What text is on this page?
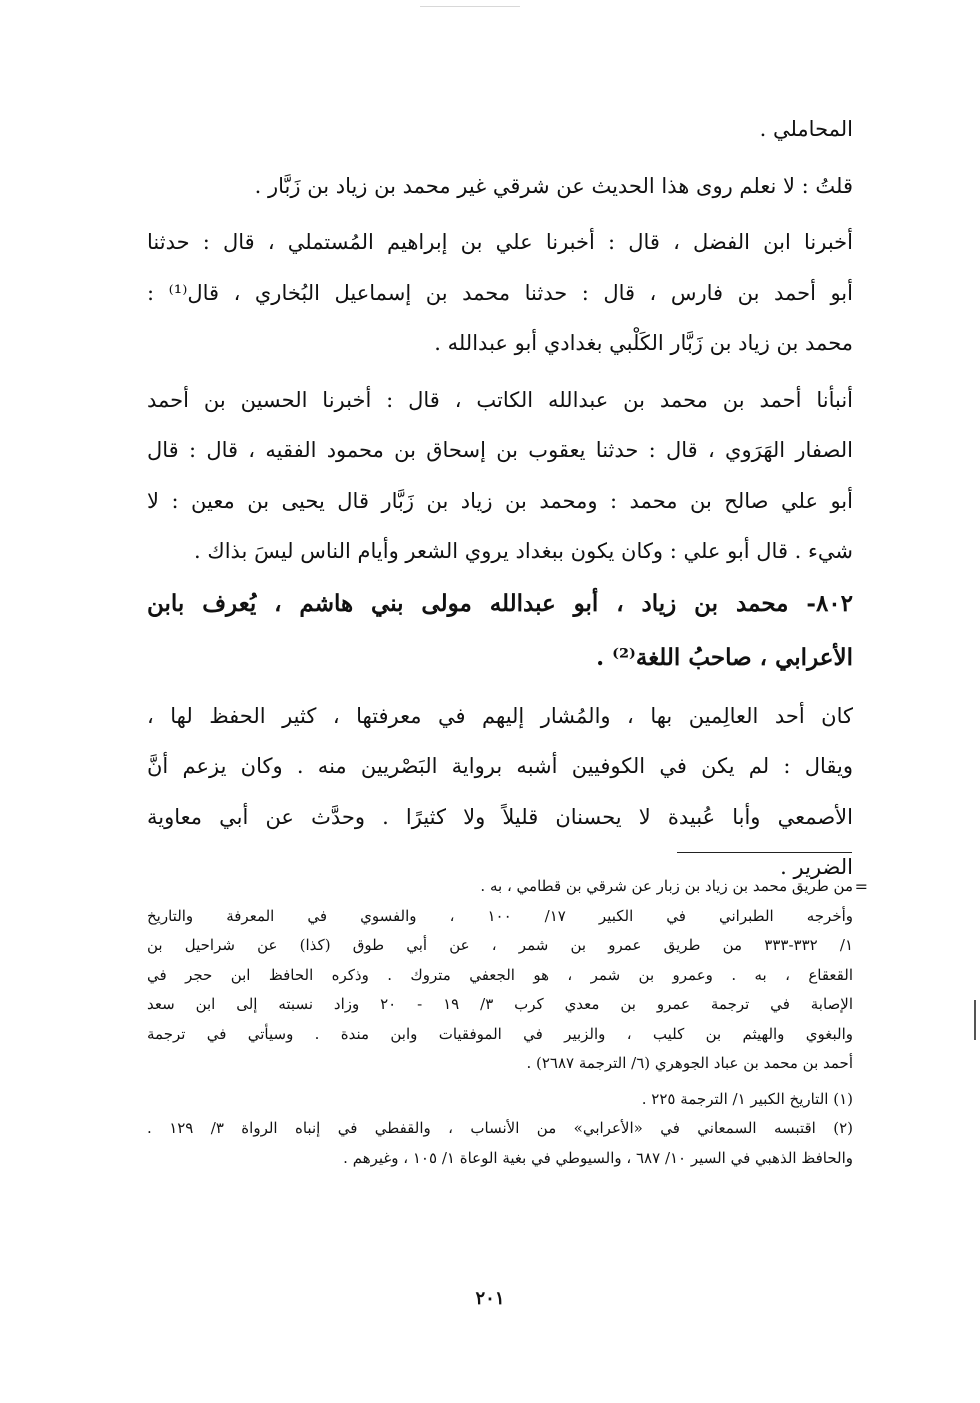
المحاملي .
قلتُ : لا نعلم روى هذا الحديث عن شرقي غير محمد بن زياد بن زَبَّار .
أخبرنا ابن الفضل ، قال : أخبرنا علي بن إبراهيم المُستملي ، قال : حدثنا
أبو أحمد بن فارس ، قال : حدثنا محمد بن إسماعيل البُخاري ، قال⁽¹⁾ :
محمد بن زياد بن زَبَّار الكَلْبي بغدادي أبو عبدالله .
أنبأنا أحمد بن محمد بن عبدالله الكاتب ، قال : أخبرنا الحسين بن أحمد
الصفار الهَرَوي ، قال : حدثنا يعقوب بن إسحاق بن محمود الفقيه ، قال : قال
أبو علي صالح بن محمد : ومحمد بن زياد بن زَبَّار قال يحيى بن معين : لا
شيء . قال أبو علي : وكان يكون ببغداد يروي الشعر وأيام الناس ليسَ بذاك .
٨٠٢- محمد بن زياد ، أبو عبدالله مولى بني هاشم ، يُعرف بابن
الأعرابي ، صاحبُ اللغة⁽²⁾ .
كان أحد العالِمين بها ، والمُشار إليهم في معرفتها ، كثير الحفظ لها ،
ويقال : لم يكن في الكوفيين أشبه برواية البَصْريين منه . وكان يزعم أنَّ
الأصمعي وأبا عُبيدة لا يحسنان قليلاً ولا كثيرًا . وحدَّث عن أبي معاوية
الضرير .
=
من طريق محمد بن زياد بن زبار عن شرقي بن قطامي ، به .
وأخرجه الطبراني في الكبير ١٧/ ١٠٠ ، والفسوي في المعرفة والتاريخ
١/ ٣٣٢-٣٣٣ من طريق عمرو بن شمر ، عن أبي طوق (كذا) عن شراحيل بن
القعقاع ، به . وعمرو بن شمر ، هو الجعفي متروك . وذكره الحافظ ابن حجر في
الإصابة في ترجمة عمرو بن معدي كرب ٣/ ١٩ - ٢٠ وزاد نسبته إلى ابن سعد
والبغوي والهيثم بن كليب ، والزبير في الموفقيات وابن مندة . وسيأتي في ترجمة
أحمد بن محمد بن عباد الجوهري (٦/ الترجمة ٢٦٨٧) .
(١) التاريخ الكبير ١/ الترجمة ٢٢٥ .
(٢) اقتبسه السمعاني في «الأعرابي» من الأنساب ، والقفطي في إنباه الرواة ٣/ ١٢٩ .
والحافظ الذهبي في السير ١٠/ ٦٨٧ ، والسيوطي في بغية الوعاة ١/ ١٠٥ ، وغيرهم .
٢٠١
